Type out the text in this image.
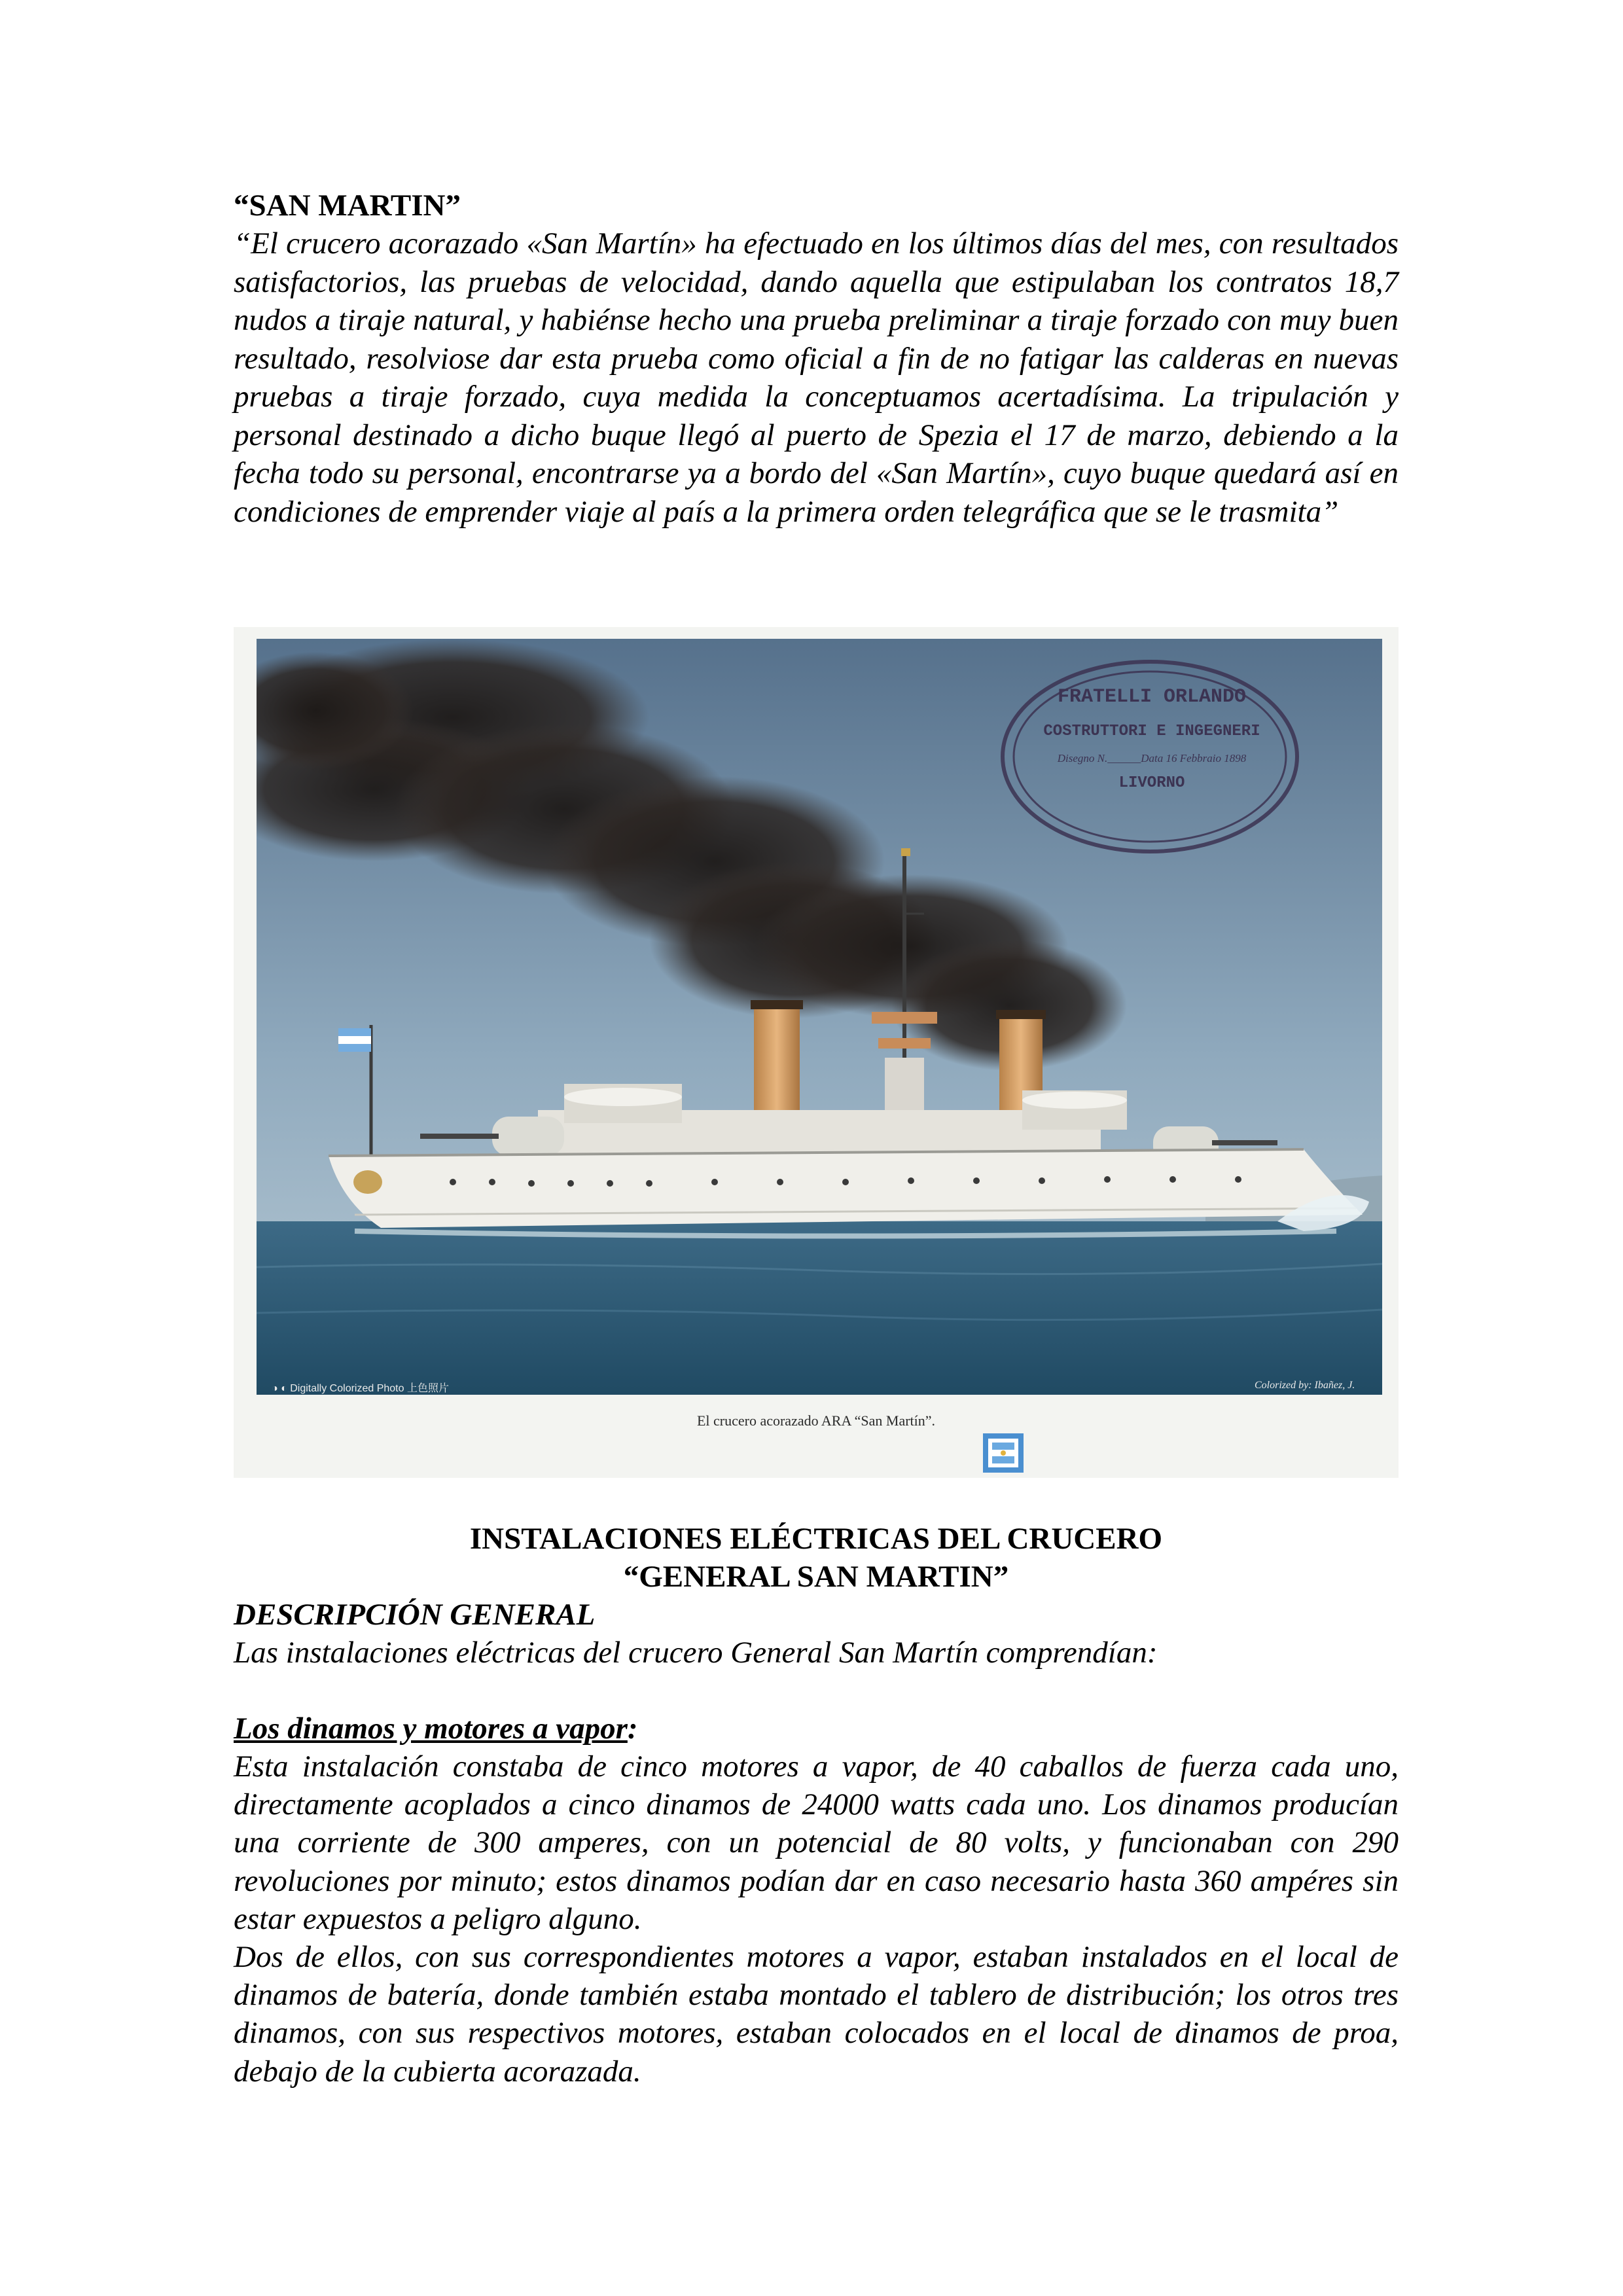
“SAN MARTIN”

“El crucero acorazado «San Martín» ha efectuado en los últimos días del mes, con resultados satisfactorios, las pruebas de velocidad, dando aquella que estipulaban los contratos 18,7 nudos a tiraje natural, y habiénse hecho una prueba preliminar a tiraje forzado con muy buen resultado, resolviose dar esta prueba como oficial a fin de no fatigar las calderas en nuevas pruebas a tiraje forzado, cuya medida la conceptuamos acertadísima. La tripulación y personal destinado a dicho buque llegó al puerto de Spezia el 17 de marzo, debiendo a la fecha todo su personal, encontrarse ya a bordo del «San Martín», cuyo buque quedará así en condiciones de emprender viaje al país a la primera orden telegráfica que se le trasmita”

FRATELLI ORLANDO
COSTRUTTORI E INGEGNERI
Disegno N.______Data 16 Febbraio 1898
LIVORNO
◑ ◐ Digitally Colorized Photo 上色照片	Colorized by: Ibañez, J.
El crucero acorazado ARA “San Martín”.
INSTALACIONES ELÉCTRICAS DEL CRUCERO
“GENERAL SAN MARTIN”
DESCRIPCIÓN GENERAL
Las instalaciones eléctricas del crucero General San Martín comprendían:
Los dinamos y motores a vapor:

Esta instalación constaba de cinco motores a vapor, de 40 caballos de fuerza cada uno, directamente acoplados a cinco dinamos de 24000 watts cada uno. Los dinamos producían una corriente de 300 amperes, con un potencial de 80 volts, y funcionaban con 290 revoluciones por minuto; estos dinamos podían dar en caso necesario hasta 360 ampéres sin estar expuestos a peligro alguno.

Dos de ellos, con sus correspondientes motores a vapor, estaban instalados en el local de dinamos de batería, donde también estaba montado el tablero de distribución; los otros tres dinamos, con sus respectivos motores, estaban colocados en el local de dinamos de proa, debajo de la cubierta acorazada.
